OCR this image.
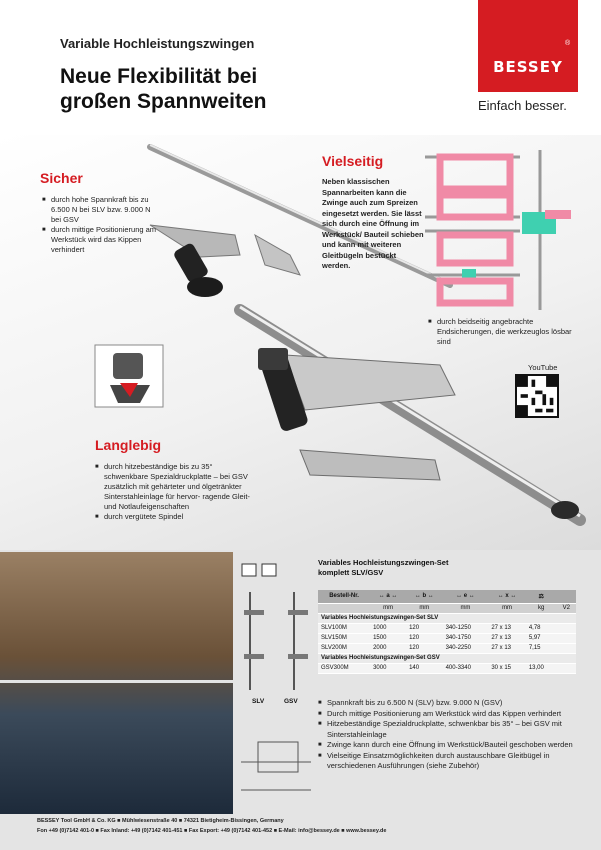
Variable Hochleistungszwingen
Neue Flexibilität bei
großen Spannweiten
BESSEY
®
Einfach besser.
Sicher
■ durch hohe Spannkraft bis zu 6.500 N bei SLV bzw. 9.000 N bei GSV
■ durch mittige Positionierung am Werkstück wird das Kippen verhindert
Vielseitig
Neben klassischen Spannarbeiten kann die Zwinge auch zum Spreizen eingesetzt werden. Sie lässt sich durch eine Öffnung im Werkstück/ Bauteil schieben und kann mit weiteren Gleitbügeln bestückt werden.
■ durch beidseitig angebrachte Endsicherungen, die werkzeuglos lösbar sind
YouTube
Langlebig
■ durch hitzebeständige bis zu 35° schwenkbare Spezialdruckplatte – bei GSV zusätzlich mit gehärteter und ölgetränkter Sinterstahleinlage für hervor- ragende Gleit- und Notlaufeigenschaften
■ durch vergütete Spindel
SLV	GSV
Variables Hochleistungszwingen-Set
komplett SLV/GSV
Bestell-Nr.	↔ a ↔	↔ b ↔	↔ e ↔	↔ x ↔	⚖	
	mm	mm	mm	mm	kg	V2
Variables Hochleistungszwingen-Set SLV						
SLV100M	1000	120	340-1250	27 x 13	4,78	
SLV150M	1500	120	340-1750	27 x 13	5,97	
SLV200M	2000	120	340-2250	27 x 13	7,15	
Variables Hochleistungszwingen-Set GSV						
GSV300M	3000	140	400-3340	30 x 15	13,00	
■ Spannkraft bis zu 6.500 N (SLV) bzw. 9.000 N (GSV)
■ Durch mittige Positionierung am Werkstück wird das Kippen verhindert
■ Hitzebeständige Spezialdruckplatte, schwenkbar bis 35° – bei GSV mit Sinterstahleinlage
■ Zwinge kann durch eine Öffnung im Werkstück/Bauteil geschoben werden
■ Vielseitige Einsatzmöglichkeiten durch austauschbare Gleitbügel in verschiedenen Ausführungen (siehe Zubehör)
BESSEY Tool GmbH & Co. KG ■ Mühlwiesenstraße 40 ■ 74321 Bietigheim-Bissingen, Germany
Fon +49 (0)7142 401-0 ■ Fax Inland: +49 (0)7142 401-451 ■ Fax Export: +49 (0)7142 401-452 ■ E-Mail: info@bessey.de ■ www.bessey.de
